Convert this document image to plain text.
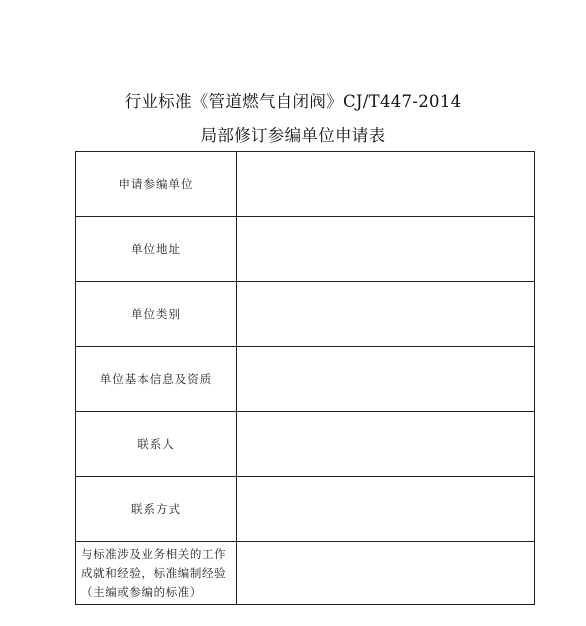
行业标准《管道燃气自闭阀》CJ/T447-2014
局部修订参编单位申请表
申请参编单位	
单位地址	
单位类别	
单位基本信息及资质	
联系人	
联系方式	
与标准涉及业务相关的工作成就和经验，标准编制经验（主编或参编的标准）	
